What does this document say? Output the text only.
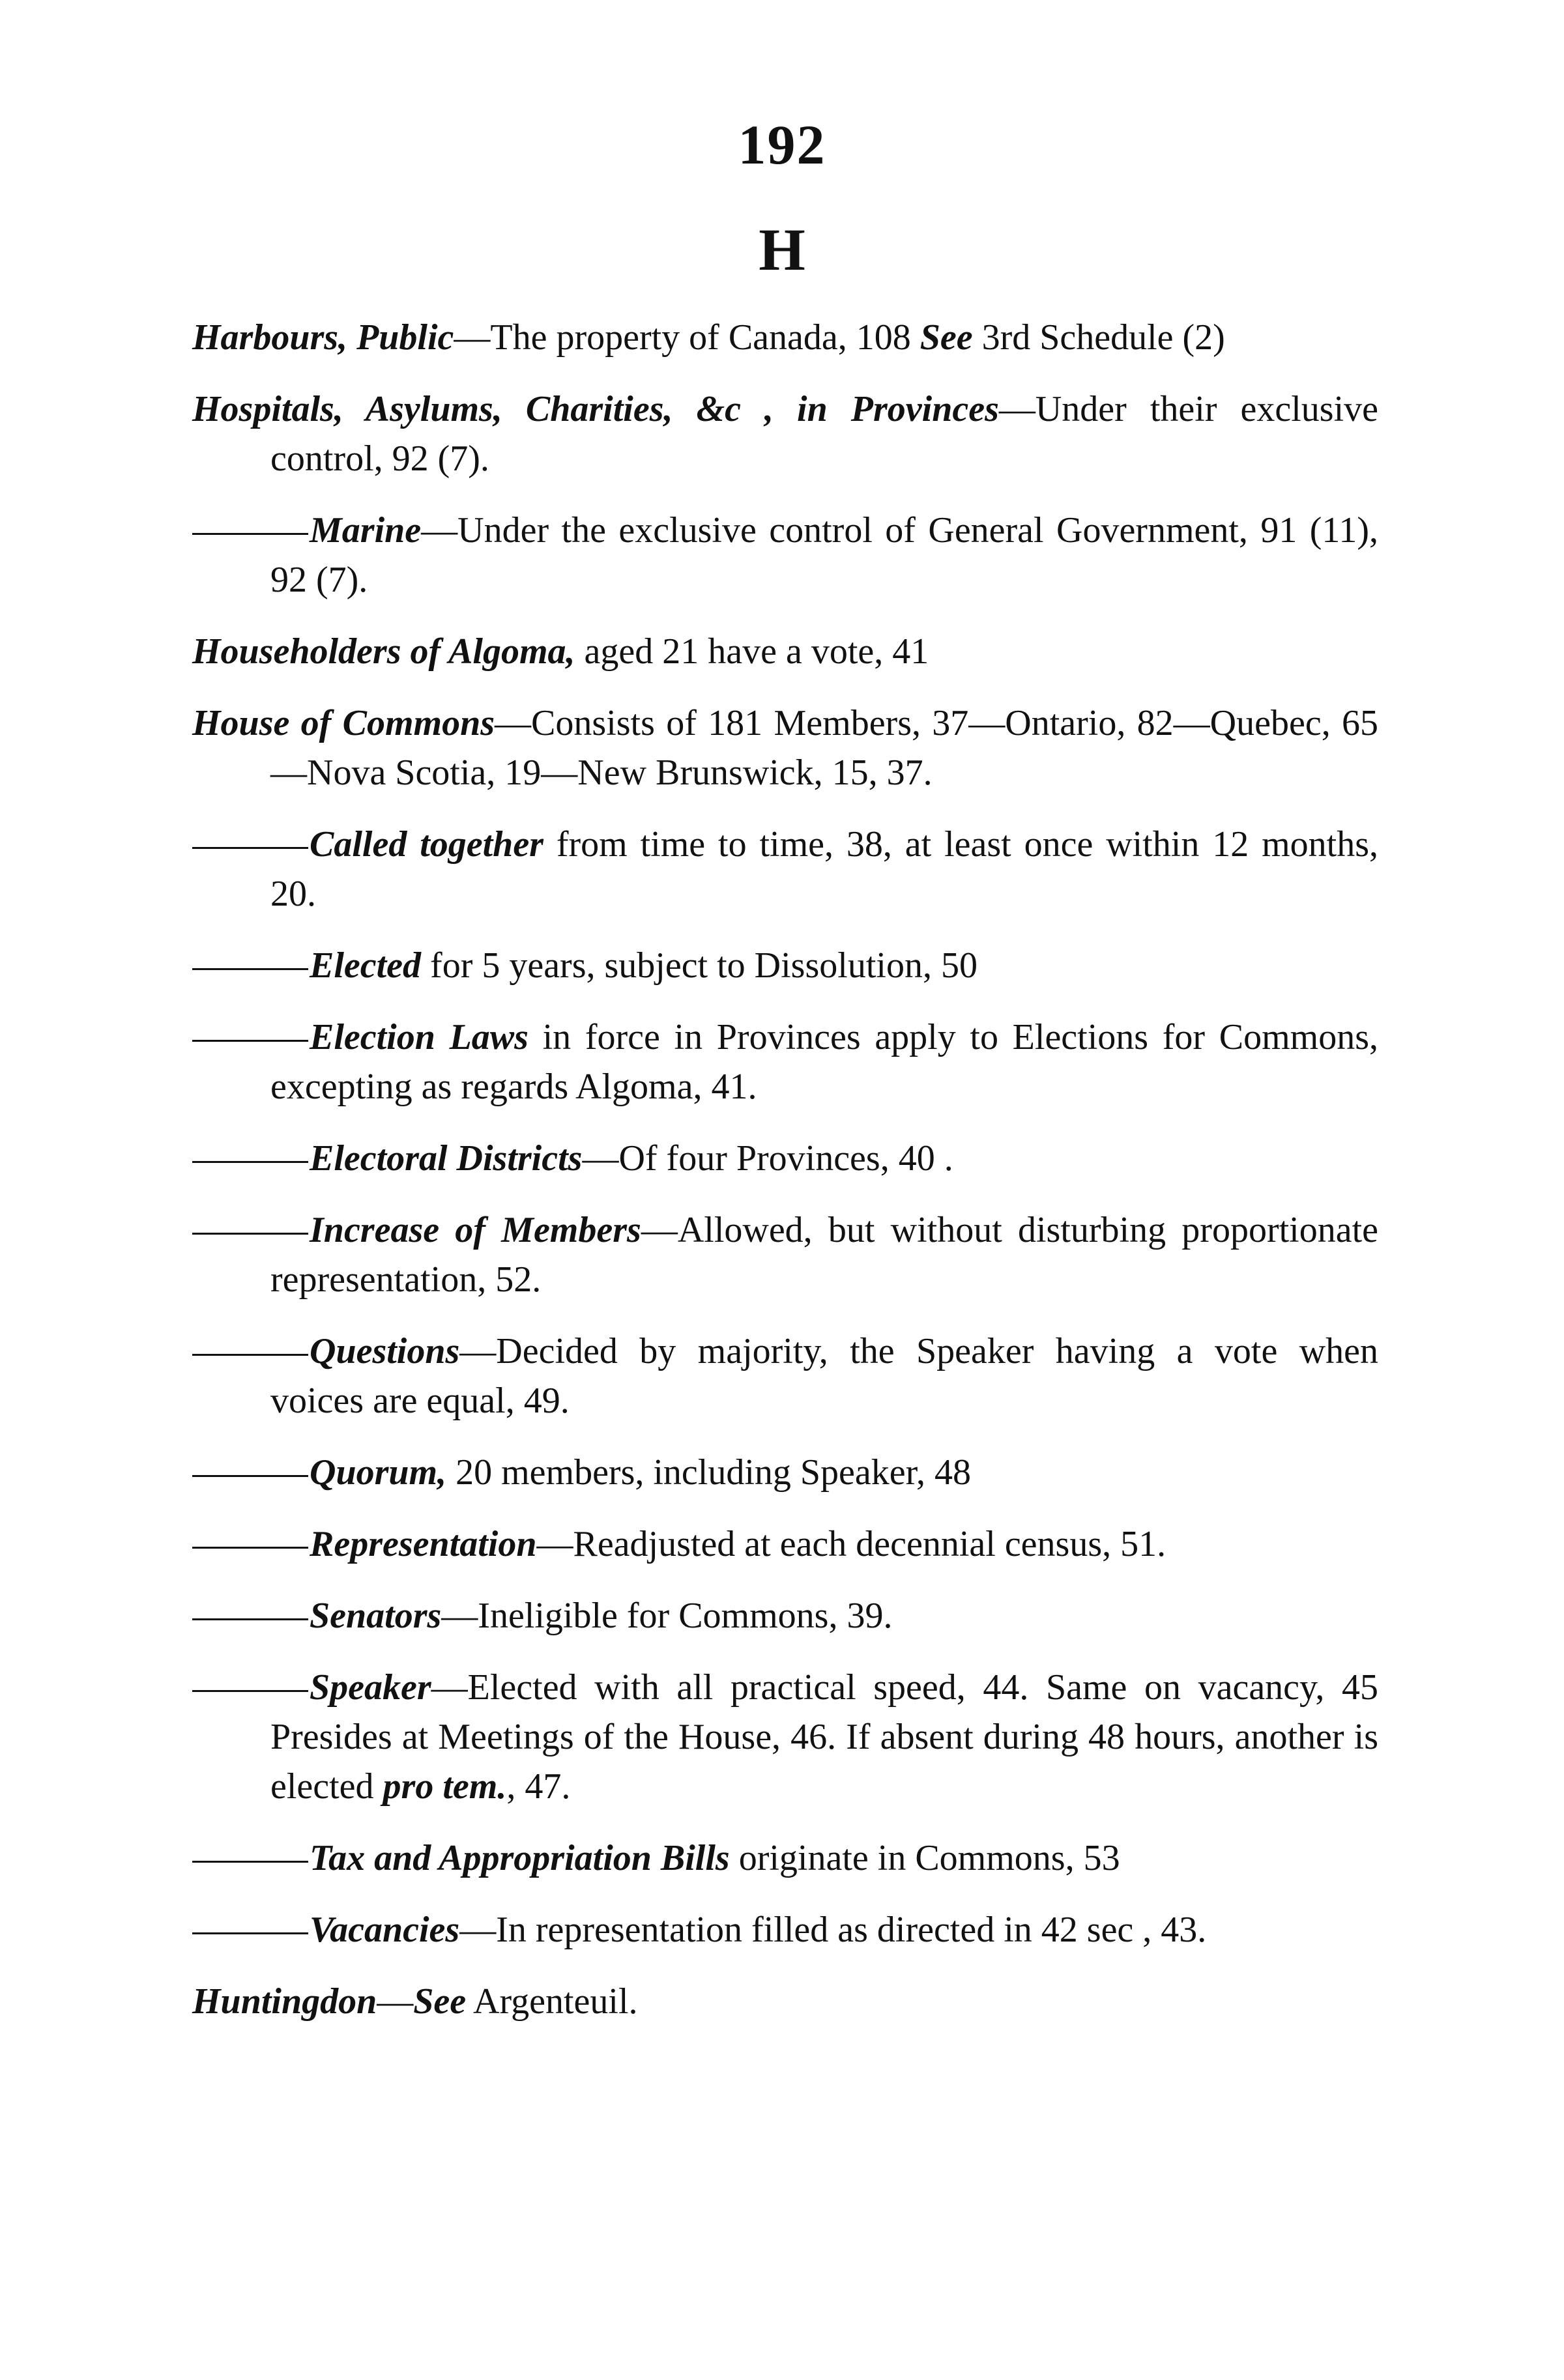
192
H

Harbours, Public—The property of Canada, 108 See 3rd Schedule (2)

Hospitals, Asylums, Charities, &c , in Provinces—Under their exclusive control, 92 (7).

Marine—Under the exclusive control of General Government, 91 (11), 92 (7).

Householders of Algoma, aged 21 have a vote, 41

House of Commons—Consists of 181 Members, 37—Ontario, 82—Quebec, 65—Nova Scotia, 19—New Brunswick, 15, 37.

Called together from time to time, 38, at least once within 12 months, 20.

Elected for 5 years, subject to Dissolution, 50

Election Laws in force in Provinces apply to Elections for Commons, excepting as regards Algoma, 41.

Electoral Districts—Of four Provinces, 40 .

Increase of Members—Allowed, but without disturbing proportionate representation, 52.

Questions—Decided by majority, the Speaker having a vote when voices are equal, 49.

Quorum, 20 members, including Speaker, 48

Representation—Readjusted at each decennial census, 51.

Senators—Ineligible for Commons, 39.

Speaker—Elected with all practical speed, 44. Same on vacancy, 45 Presides at Meetings of the House, 46. If absent during 48 hours, another is elected pro tem., 47.

Tax and Appropriation Bills originate in Commons, 53

Vacancies—In representation filled as directed in 42 sec , 43.

Huntingdon—See Argenteuil.
